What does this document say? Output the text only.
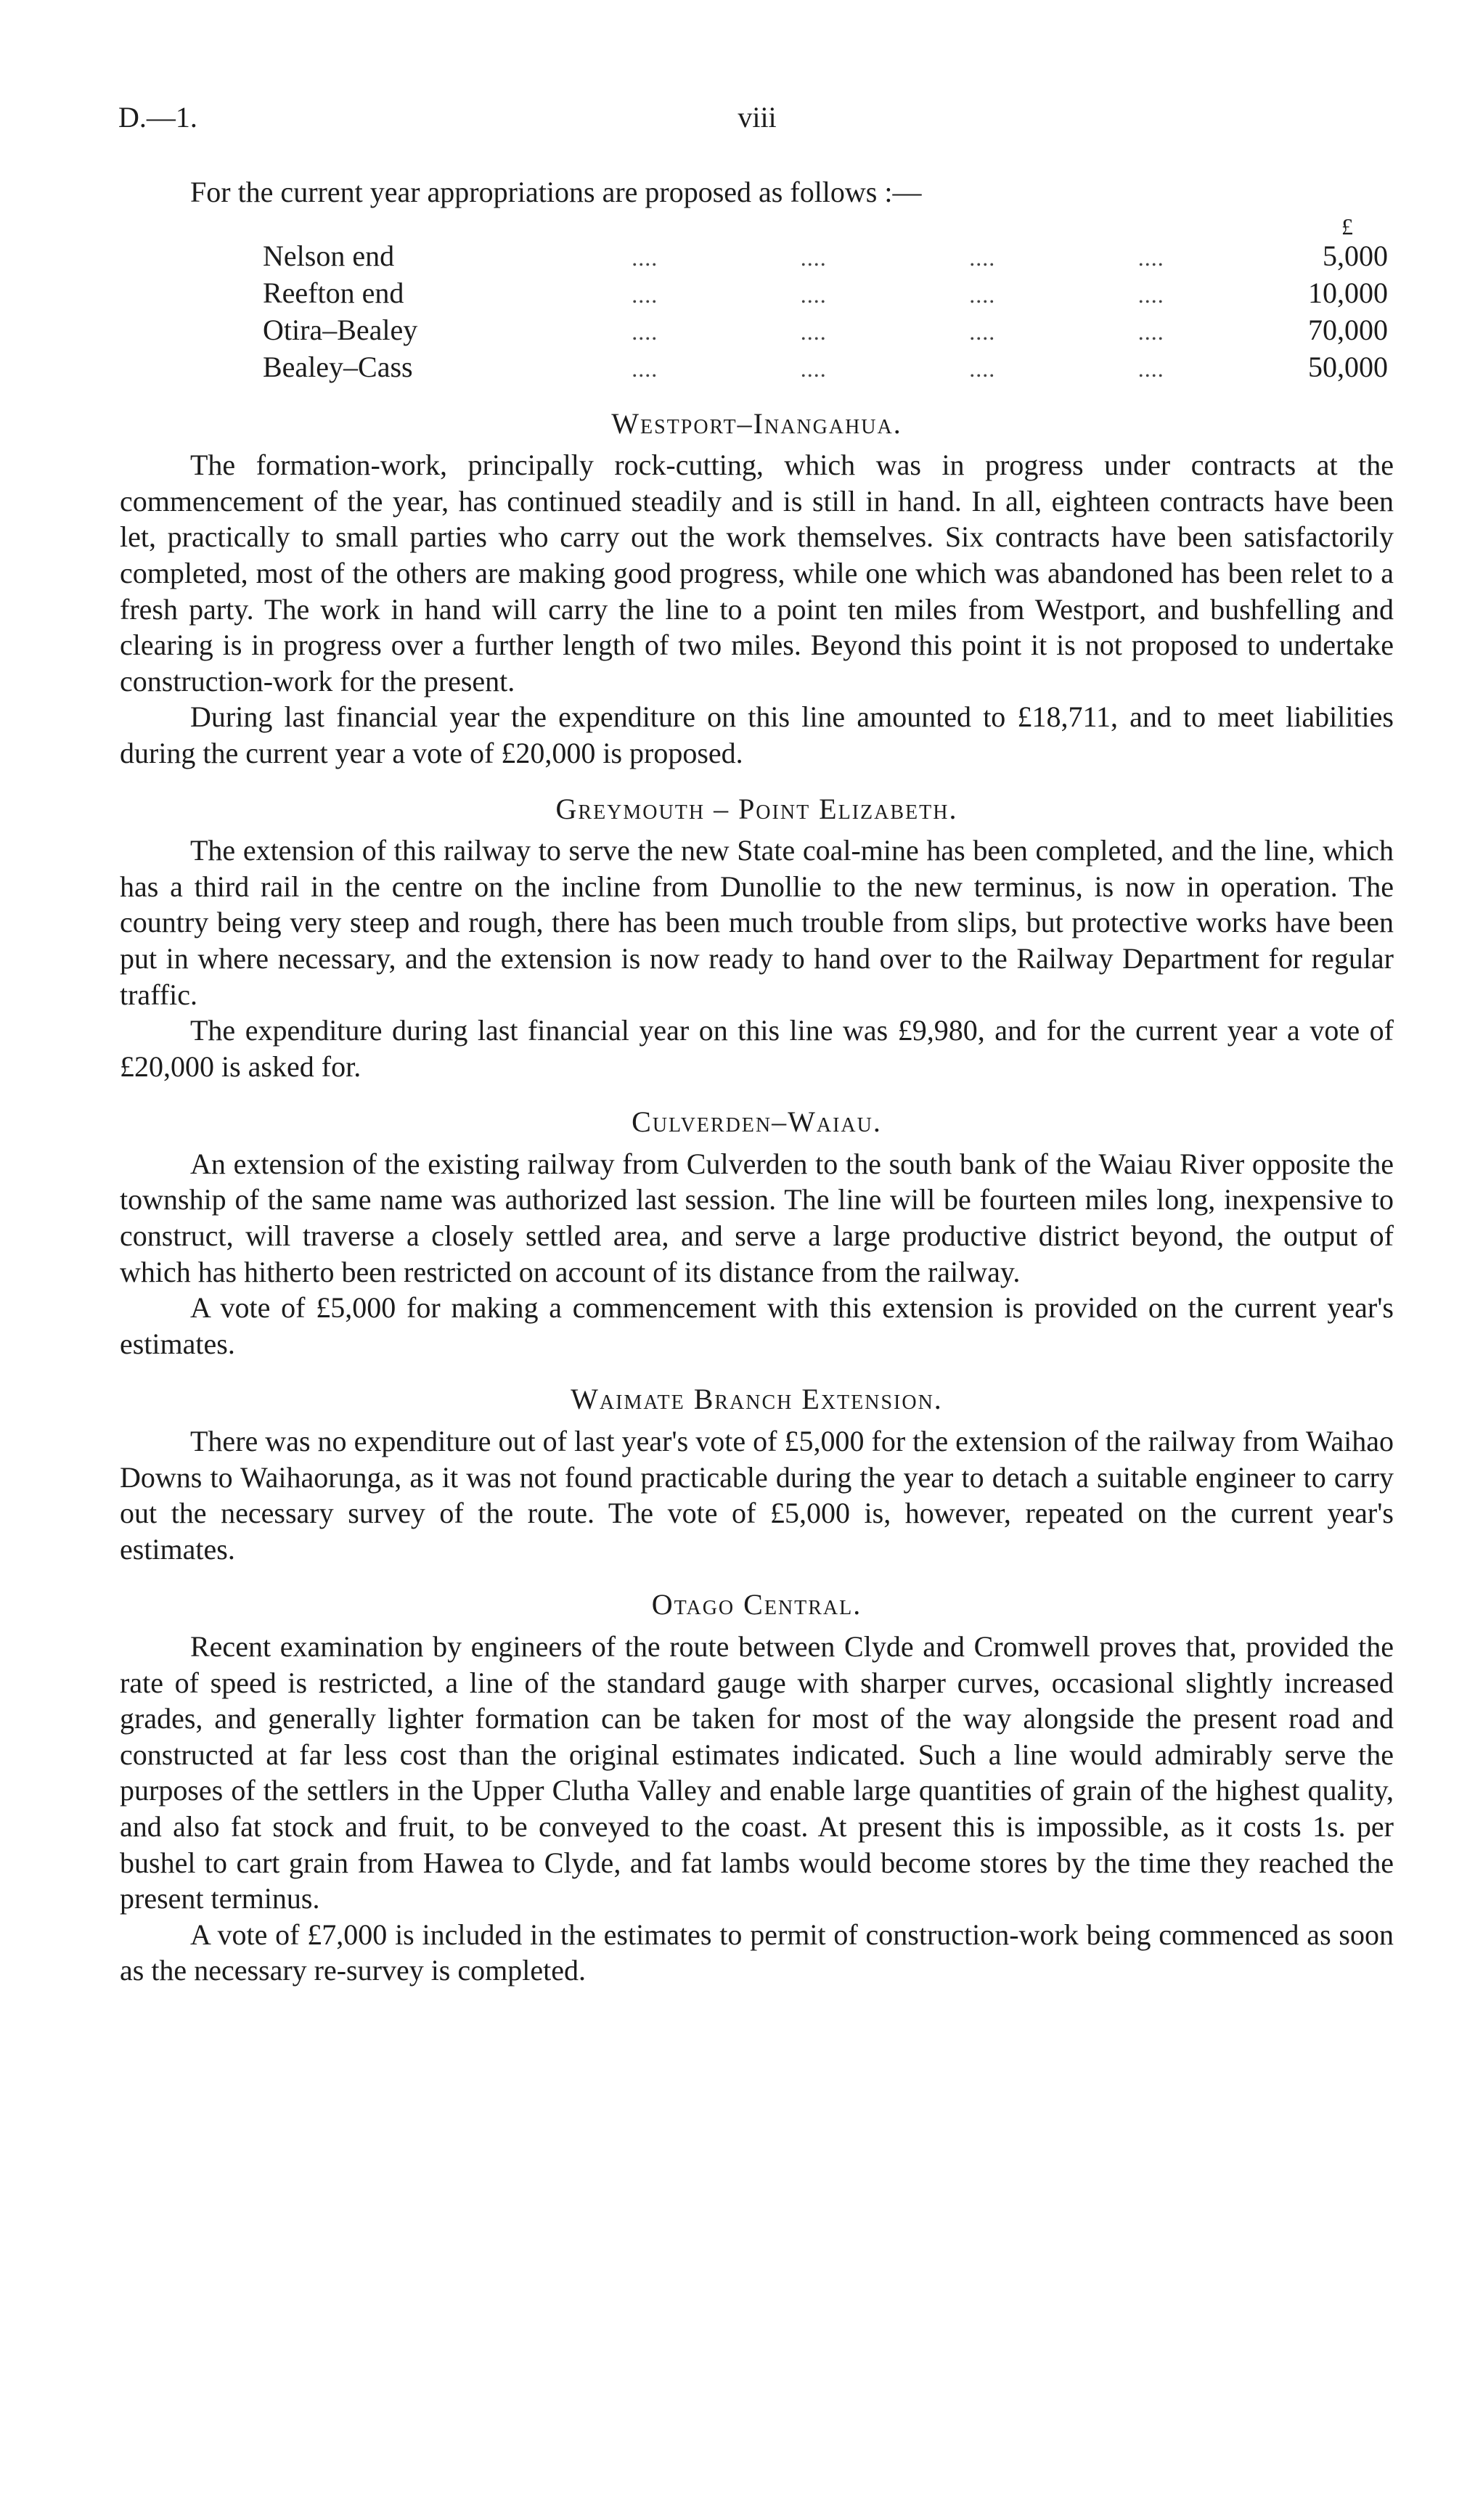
D.—1.	viii

For the current year appropriations are proposed as follows :—

£
Nelson end	....	....	....	....	5,000
Reefton end	....	....	....	....	10,000
Otira–Bealey	....	....	....	....	70,000
Bealey–Cass	....	....	....	....	50,000
Westport–Inangahua.

The formation-work, principally rock-cutting, which was in progress under contracts at the commencement of the year, has continued steadily and is still in hand. In all, eighteen contracts have been let, practically to small parties who carry out the work themselves. Six contracts have been satisfactorily completed, most of the others are making good progress, while one which was abandoned has been relet to a fresh party. The work in hand will carry the line to a point ten miles from Westport, and bushfelling and clearing is in progress over a further length of two miles. Beyond this point it is not proposed to undertake construction-work for the present.

During last financial year the expenditure on this line amounted to £18,711, and to meet liabilities during the current year a vote of £20,000 is proposed.

Greymouth – Point Elizabeth.

The extension of this railway to serve the new State coal-mine has been completed, and the line, which has a third rail in the centre on the incline from Dunollie to the new terminus, is now in operation. The country being very steep and rough, there has been much trouble from slips, but protective works have been put in where necessary, and the extension is now ready to hand over to the Railway Department for regular traffic.

The expenditure during last financial year on this line was £9,980, and for the current year a vote of £20,000 is asked for.

Culverden–Waiau.

An extension of the existing railway from Culverden to the south bank of the Waiau River opposite the township of the same name was authorized last session. The line will be fourteen miles long, inexpensive to construct, will traverse a closely settled area, and serve a large productive district beyond, the output of which has hitherto been restricted on account of its distance from the railway.

A vote of £5,000 for making a commencement with this extension is provided on the current year's estimates.

Waimate Branch Extension.

There was no expenditure out of last year's vote of £5,000 for the extension of the railway from Waihao Downs to Waihaorunga, as it was not found practicable during the year to detach a suitable engineer to carry out the necessary survey of the route. The vote of £5,000 is, however, repeated on the current year's estimates.

Otago Central.

Recent examination by engineers of the route between Clyde and Cromwell proves that, provided the rate of speed is restricted, a line of the standard gauge with sharper curves, occasional slightly increased grades, and generally lighter formation can be taken for most of the way alongside the present road and constructed at far less cost than the original estimates indicated. Such a line would admirably serve the purposes of the settlers in the Upper Clutha Valley and enable large quantities of grain of the highest quality, and also fat stock and fruit, to be conveyed to the coast. At present this is impossible, as it costs 1s. per bushel to cart grain from Hawea to Clyde, and fat lambs would become stores by the time they reached the present terminus.

A vote of £7,000 is included in the estimates to permit of construction-work being commenced as soon as the necessary re-survey is completed.
